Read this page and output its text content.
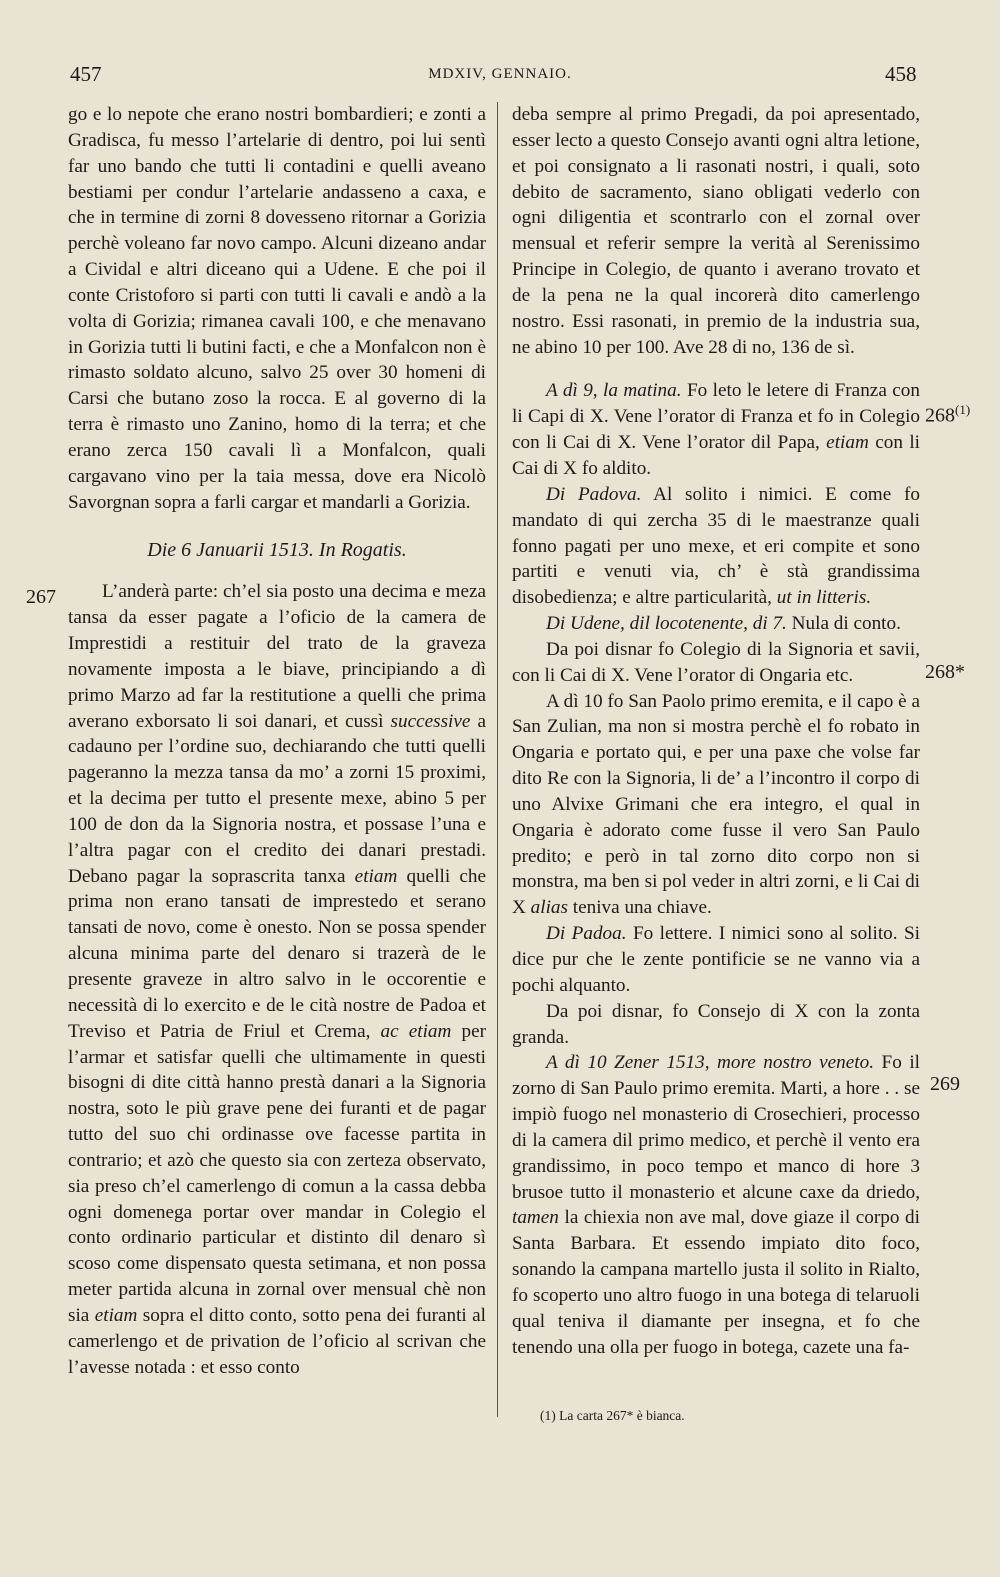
457	MDXIV, GENNAIO.	458

go e lo nepote che erano nostri bombardieri; e zonti a Gradisca, fu messo l’artelarie di dentro, poi lui sentì far uno bando che tutti li contadini e quelli aveano bestiami per condur l’artelarie andasseno a caxa, e che in termine di zorni 8 dovesseno ritornar a Gorizia perchè voleano far novo campo. Alcuni dizeano andar a Cividal e altri diceano qui a Udene. E che poi il conte Cristoforo si parti con tutti li cavali e andò a la volta di Gorizia; rimanea cavali 100, e che menavano in Gorizia tutti li butini facti, e che a Monfalcon non è rimasto soldato alcuno, salvo 25 over 30 homeni di Carsi che butano zoso la rocca. E al governo di la terra è rimasto uno Zanino, homo di la terra; et che erano zerca 150 cavali lì a Monfalcon, quali cargavano vino per la taia messa, dove era Nicolò Savorgnan sopra a farli cargar et mandarli a Gorizia.

Die 6 Januarii 1513. In Rogatis.

L’anderà parte: ch’el sia posto una decima e meza tansa da esser pagate a l’oficio de la camera de Imprestidi a restituir del trato de la graveza novamente imposta a le biave, principiando a dì primo Marzo ad far la restitutione a quelli che prima averano exborsato li soi danari, et cussì successive a cadauno per l’ordine suo, dechiarando che tutti quelli pageranno la mezza tansa da mo’ a zorni 15 proximi, et la decima per tutto el presente mexe, abino 5 per 100 de don da la Signoria nostra, et possase l’una e l’altra pagar con el credito dei danari prestadi. Debano pagar la soprascrita tanxa etiam quelli che prima non erano tansati de imprestedo et serano tansati de novo, come è onesto. Non se possa spender alcuna minima parte del denaro si trazerà de le presente graveze in altro salvo in le occorentie e necessità di lo exercito e de le cità nostre de Padoa et Treviso et Patria de Friul et Crema, ac etiam per l’armar et satisfar quelli che ultimamente in questi bisogni di dite città hanno prestà danari a la Signoria nostra, soto le più grave pene dei furanti et de pagar tutto del suo chi ordinasse ove facesse partita in contrario; et azò che questo sia con zerteza observato, sia preso ch’el camerlengo di comun a la cassa debba ogni domenega portar over mandar in Colegio el conto ordinario particular et distinto dil denaro sì scoso come dispensato questa setimana, et non possa meter partida alcuna in zornal over mensual chè non sia etiam sopra el ditto conto, sotto pena dei furanti al camerlengo et de privation de l’oficio al scrivan che l’avesse notada : et esso conto

deba sempre al primo Pregadi, da poi apresentado, esser lecto a questo Consejo avanti ogni altra letione, et poi consignato a li rasonati nostri, i quali, soto debito de sacramento, siano obligati vederlo con ogni diligentia et scontrarlo con el zornal over mensual et referir sempre la verità al Serenissimo Principe in Colegio, de quanto i averano trovato et de la pena ne la qual incorerà dito camerlengo nostro. Essi rasonati, in premio de la industria sua, ne abino 10 per 100. Ave 28 di no, 136 de sì.

A dì 9, la matina. Fo leto le letere di Franza con li Capi di X. Vene l’orator di Franza et fo in Colegio con li Cai di X. Vene l’orator dil Papa, etiam con li Cai di X fo aldito.

Di Padova. Al solito i nimici. E come fo mandato di qui zercha 35 di le maestranze quali fonno pagati per uno mexe, et eri compite et sono partiti e venuti via, ch’ è stà grandissima disobedienza; e altre particularità, ut in litteris.

Di Udene, dil locotenente, di 7. Nula di conto.

Da poi disnar fo Colegio di la Signoria et savii, con li Cai di X. Vene l’orator di Ongaria etc.

A dì 10 fo San Paolo primo eremita, e il capo è a San Zulian, ma non si mostra perchè el fo robato in Ongaria e portato qui, e per una paxe che volse far dito Re con la Signoria, li de’ a l’incontro il corpo di uno Alvixe Grimani che era integro, el qual in Ongaria è adorato come fusse il vero San Paulo predito; e però in tal zorno dito corpo non si monstra, ma ben si pol veder in altri zorni, e li Cai di X alias teniva una chiave.

Di Padoa. Fo lettere. I nimici sono al solito. Si dice pur che le zente pontificie se ne vanno via a pochi alquanto.

Da poi disnar, fo Consejo di X con la zonta granda.

A dì 10 Zener 1513, more nostro veneto. Fo il zorno di San Paulo primo eremita. Marti, a hore . . se impiò fuogo nel monasterio di Crosechieri, processo di la camera dil primo medico, et perchè il vento era grandissimo, in poco tempo et manco di hore 3 brusoe tutto il monasterio et alcune caxe da driedo, tamen la chiexia non ave mal, dove giaze il corpo di Santa Barbara. Et essendo impiato dito foco, sonando la campana martello justa il solito in Rialto, fo scoperto uno altro fuogo in una botega di telaruoli qual teniva il diamante per insegna, et fo che tenendo una olla per fuogo in botega, cazete una fa-

267
268$^{(1)}$
268*
269
(1) La carta 267* è bianca.
